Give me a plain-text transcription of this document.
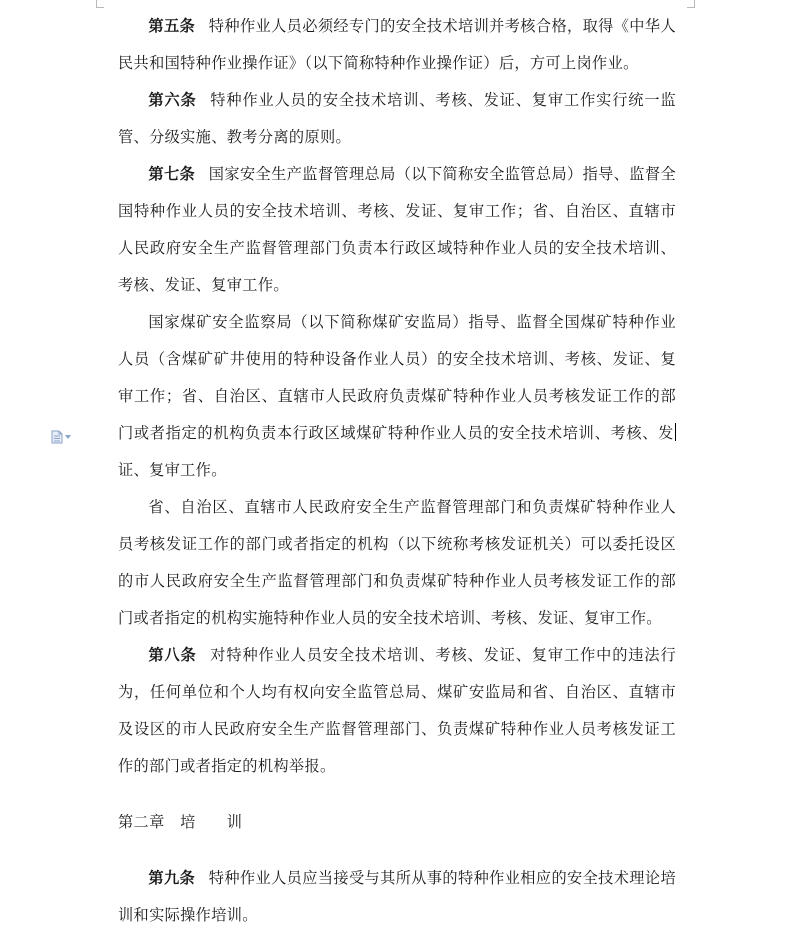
第五条 特种作业人员必须经专门的安全技术培训并考核合格，取得《中华人民共和国特种作业操作证》（以下简称特种作业操作证）后，方可上岗作业。

第六条 特种作业人员的安全技术培训、考核、发证、复审工作实行统一监管、分级实施、教考分离的原则。

第七条 国家安全生产监督管理总局（以下简称安全监管总局）指导、监督全国特种作业人员的安全技术培训、考核、发证、复审工作；省、自治区、直辖市人民政府安全生产监督管理部门负责本行政区域特种作业人员的安全技术培训、考核、发证、复审工作。

国家煤矿安全监察局（以下简称煤矿安监局）指导、监督全国煤矿特种作业人员（含煤矿矿井使用的特种设备作业人员）的安全技术培训、考核、发证、复审工作；省、自治区、直辖市人民政府负责煤矿特种作业人员考核发证工作的部门或者指定的机构负责本行政区域煤矿特种作业人员的安全技术培训、考核、发证、复审工作。

省、自治区、直辖市人民政府安全生产监督管理部门和负责煤矿特种作业人员考核发证工作的部门或者指定的机构（以下统称考核发证机关）可以委托设区的市人民政府安全生产监督管理部门和负责煤矿特种作业人员考核发证工作的部门或者指定的机构实施特种作业人员的安全技术培训、考核、发证、复审工作。

第八条 对特种作业人员安全技术培训、考核、发证、复审工作中的违法行为，任何单位和个人均有权向安全监管总局、煤矿安监局和省、自治区、直辖市及设区的市人民政府安全生产监督管理部门、负责煤矿特种作业人员考核发证工作的部门或者指定的机构举报。

第二章　培　　训

第九条 特种作业人员应当接受与其所从事的特种作业相应的安全技术理论培训和实际操作培训。
